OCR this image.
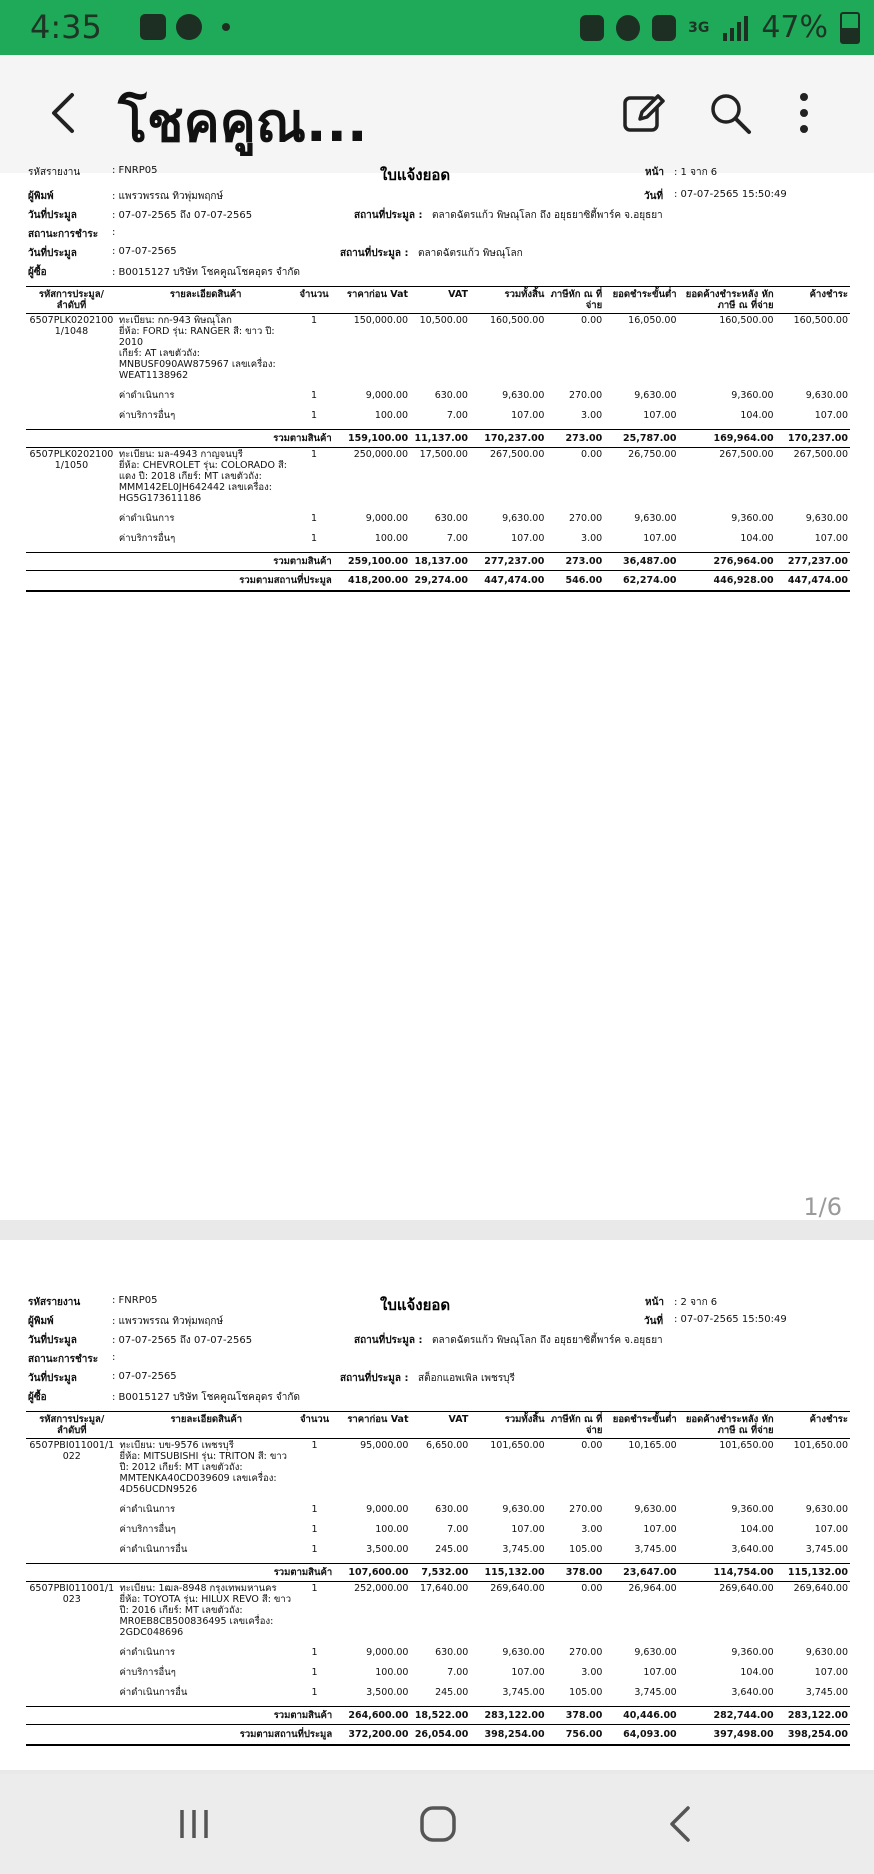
4:35	3G 47%
โชคคูณ...
รหัสรายงาน	: FNRP05	ใบแจ้งยอด	หน้า : 1 จาก 6
ผู้พิมพ์	: แพรวพรรณ ทิวพุ่มพฤกษ์	วันที่ : 07-07-2565 15:50:49
วันที่ประมูล	: 07-07-2565 ถึง 07-07-2565	สถานที่ประมูล : ตลาดฉัตรแก้ว พิษณุโลก ถึง อยุธยาซิตี้พาร์ค จ.อยุธยา
สถานะการชำระ :
วันที่ประมูล	: 07-07-2565	สถานที่ประมูล : ตลาดฉัตรแก้ว พิษณุโลก
ผู้ซื้อ	: B0015127 บริษัท โชคคูณโชคอุดร จำกัด
รหัสการประมูล/ ลำดับที่	รายละเอียดสินค้า	จำนวน	ราคาก่อน Vat	VAT	รวมทั้งสิ้น	ภาษีหัก ณ ที่จ่าย	ยอดชำระขั้นต่ำ	ยอดค้างชำระหลัง หักภาษี ณ ที่จ่าย	ค้างชำระ
6507PLK0202100 1/1048	ทะเบียน: กก-943 พิษณุโลก
ยี่ห้อ: FORD รุ่น: RANGER สี: ขาว ปี: 2010
เกียร์: AT เลขตัวถัง:
MNBUSF090AW875967 เลขเครื่อง:
WEAT1138962	1	150,000.00	10,500.00	160,500.00	0.00	16,050.00	160,500.00	160,500.00

	ค่าดำเนินการ	1	9,000.00	630.00	9,630.00	270.00	9,630.00	9,360.00	9,630.00

	ค่าบริการอื่นๆ	1	100.00	7.00	107.00	3.00	107.00	104.00	107.00

รวมตามสินค้า			159,100.00	11,137.00	170,237.00	273.00	25,787.00	169,964.00	170,237.00
6507PLK0202100 1/1050	ทะเบียน: มล-4943 กาญจนบุรี
ยี่ห้อ: CHEVROLET รุ่น: COLORADO สี:
แดง ปี: 2018 เกียร์: MT เลขตัวถัง:
MMM142EL0JH642442 เลขเครื่อง:
HG5G173611186	1	250,000.00	17,500.00	267,500.00	0.00	26,750.00	267,500.00	267,500.00

	ค่าดำเนินการ	1	9,000.00	630.00	9,630.00	270.00	9,630.00	9,360.00	9,630.00

	ค่าบริการอื่นๆ	1	100.00	7.00	107.00	3.00	107.00	104.00	107.00

รวมตามสินค้า			259,100.00	18,137.00	277,237.00	273.00	36,487.00	276,964.00	277,237.00
รวมตามสถานที่ประมูล			418,200.00	29,274.00	447,474.00	546.00	62,274.00	446,928.00	447,474.00
1/6
รหัสรายงาน	: FNRP05	ใบแจ้งยอด	หน้า : 2 จาก 6
ผู้พิมพ์	: แพรวพรรณ ทิวพุ่มพฤกษ์	วันที่ : 07-07-2565 15:50:49
วันที่ประมูล	: 07-07-2565 ถึง 07-07-2565	สถานที่ประมูล : ตลาดฉัตรแก้ว พิษณุโลก ถึง อยุธยาซิตี้พาร์ค จ.อยุธยา
สถานะการชำระ :
วันที่ประมูล	: 07-07-2565	สถานที่ประมูล : สต็อกแอพเพิล เพชรบุรี
ผู้ซื้อ	: B0015127 บริษัท โชคคูณโชคอุดร จำกัด
รหัสการประมูล/ ลำดับที่	รายละเอียดสินค้า	จำนวน	ราคาก่อน Vat	VAT	รวมทั้งสิ้น	ภาษีหัก ณ ที่จ่าย	ยอดชำระขั้นต่ำ	ยอดค้างชำระหลัง หักภาษี ณ ที่จ่าย	ค้างชำระ
6507PBI011001/1 022	ทะเบียน: บข-9576 เพชรบุรี
ยี่ห้อ: MITSUBISHI รุ่น: TRITON สี: ขาว
ปี: 2012 เกียร์: MT เลขตัวถัง:
MMTENKA40CD039609 เลขเครื่อง:
4D56UCDN9526	1	95,000.00	6,650.00	101,650.00	0.00	10,165.00	101,650.00	101,650.00

	ค่าดำเนินการ	1	9,000.00	630.00	9,630.00	270.00	9,630.00	9,360.00	9,630.00

	ค่าบริการอื่นๆ	1	100.00	7.00	107.00	3.00	107.00	104.00	107.00

	ค่าดำเนินการอื่น	1	3,500.00	245.00	3,745.00	105.00	3,745.00	3,640.00	3,745.00

รวมตามสินค้า			107,600.00	7,532.00	115,132.00	378.00	23,647.00	114,754.00	115,132.00
6507PBI011001/1 023	ทะเบียน: 1ฒล-8948 กรุงเทพมหานคร
ยี่ห้อ: TOYOTA รุ่น: HILUX REVO สี: ขาว
ปี: 2016 เกียร์: MT เลขตัวถัง:
MR0EB8CB500836495 เลขเครื่อง:
2GDC048696	1	252,000.00	17,640.00	269,640.00	0.00	26,964.00	269,640.00	269,640.00

	ค่าดำเนินการ	1	9,000.00	630.00	9,630.00	270.00	9,630.00	9,360.00	9,630.00

	ค่าบริการอื่นๆ	1	100.00	7.00	107.00	3.00	107.00	104.00	107.00

	ค่าดำเนินการอื่น	1	3,500.00	245.00	3,745.00	105.00	3,745.00	3,640.00	3,745.00

รวมตามสินค้า			264,600.00	18,522.00	283,122.00	378.00	40,446.00	282,744.00	283,122.00
รวมตามสถานที่ประมูล			372,200.00	26,054.00	398,254.00	756.00	64,093.00	397,498.00	398,254.00
